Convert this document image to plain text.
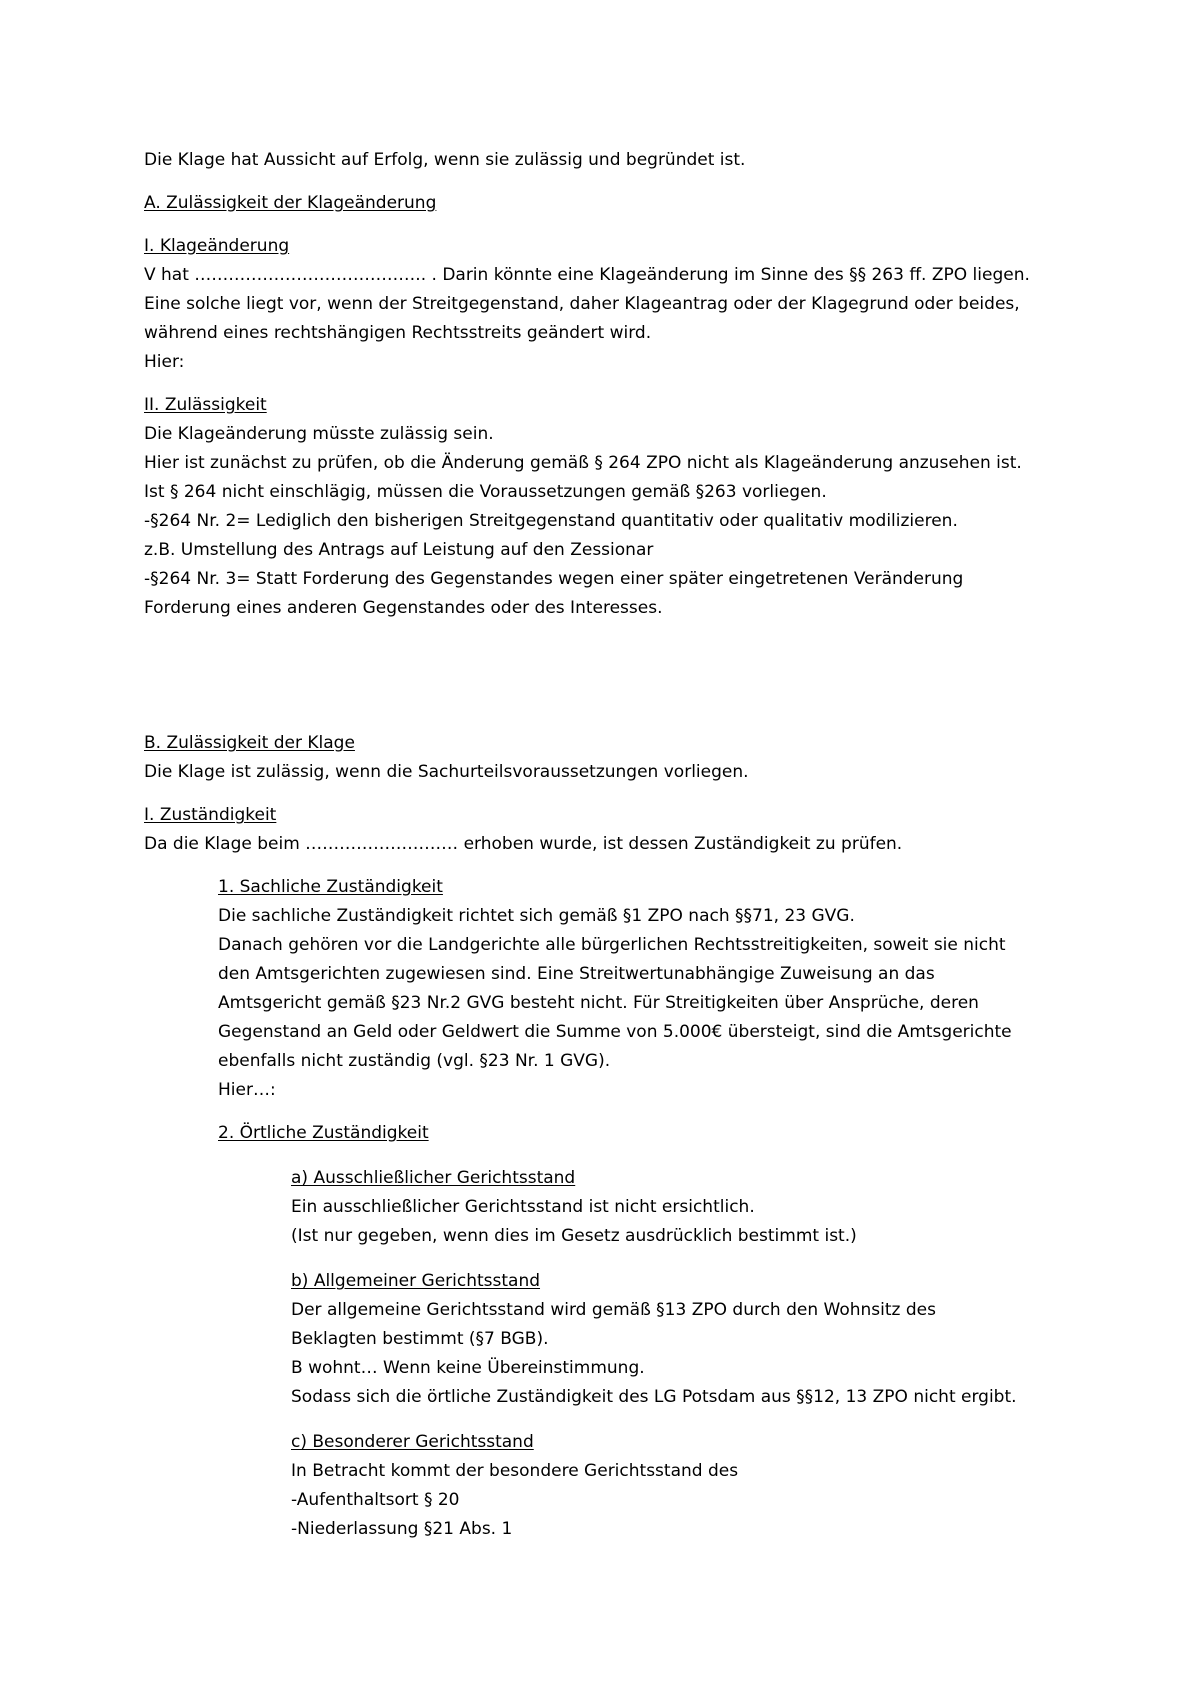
Die Klage hat Aussicht auf Erfolg, wenn sie zulässig und begründet ist.

A. Zulässigkeit der Klageänderung

I. Klageänderung

V hat ………………………………….. . Darin könnte eine Klageänderung im Sinne des §§ 263 ff. ZPO liegen.

Eine solche liegt vor, wenn der Streitgegenstand, daher Klageantrag oder der Klagegrund oder beides,

während eines rechtshängigen Rechtsstreits geändert wird.

Hier:

II. Zulässigkeit

Die Klageänderung müsste zulässig sein.

Hier ist zunächst zu prüfen, ob die Änderung gemäß § 264 ZPO nicht als Klageänderung anzusehen ist.

Ist § 264 nicht einschlägig, müssen die Voraussetzungen gemäß §263 vorliegen.

-§264 Nr. 2= Lediglich den bisherigen Streitgegenstand quantitativ oder qualitativ modilizieren.

z.B. Umstellung des Antrags auf Leistung auf den Zessionar

-§264 Nr. 3= Statt Forderung des Gegenstandes wegen einer später eingetretenen Veränderung

Forderung eines anderen Gegenstandes oder des Interesses.

B. Zulässigkeit der Klage

Die Klage ist zulässig, wenn die Sachurteilsvoraussetzungen vorliegen.

I. Zuständigkeit

Da die Klage beim ……………………… erhoben wurde, ist dessen Zuständigkeit zu prüfen.

1. Sachliche Zuständigkeit

Die sachliche Zuständigkeit richtet sich gemäß §1 ZPO nach §§71, 23 GVG.

Danach gehören vor die Landgerichte alle bürgerlichen Rechtsstreitigkeiten, soweit sie nicht

den Amtsgerichten zugewiesen sind. Eine Streitwertunabhängige Zuweisung an das

Amtsgericht gemäß §23 Nr.2 GVG besteht nicht. Für Streitigkeiten über Ansprüche, deren

Gegenstand an Geld oder Geldwert die Summe von 5.000€ übersteigt, sind die Amtsgerichte

ebenfalls nicht zuständig (vgl. §23 Nr. 1 GVG).

Hier…:

2. Örtliche Zuständigkeit

a) Ausschließlicher Gerichtsstand

Ein ausschließlicher Gerichtsstand ist nicht ersichtlich.

(Ist nur gegeben, wenn dies im Gesetz ausdrücklich bestimmt ist.)

b) Allgemeiner Gerichtsstand

Der allgemeine Gerichtsstand wird gemäß §13 ZPO durch den Wohnsitz des

Beklagten bestimmt (§7 BGB).

B wohnt… Wenn keine Übereinstimmung.

Sodass sich die örtliche Zuständigkeit des LG Potsdam aus §§12, 13 ZPO nicht ergibt.

c) Besonderer Gerichtsstand

In Betracht kommt der besondere Gerichtsstand des

-Aufenthaltsort § 20

-Niederlassung §21 Abs. 1
